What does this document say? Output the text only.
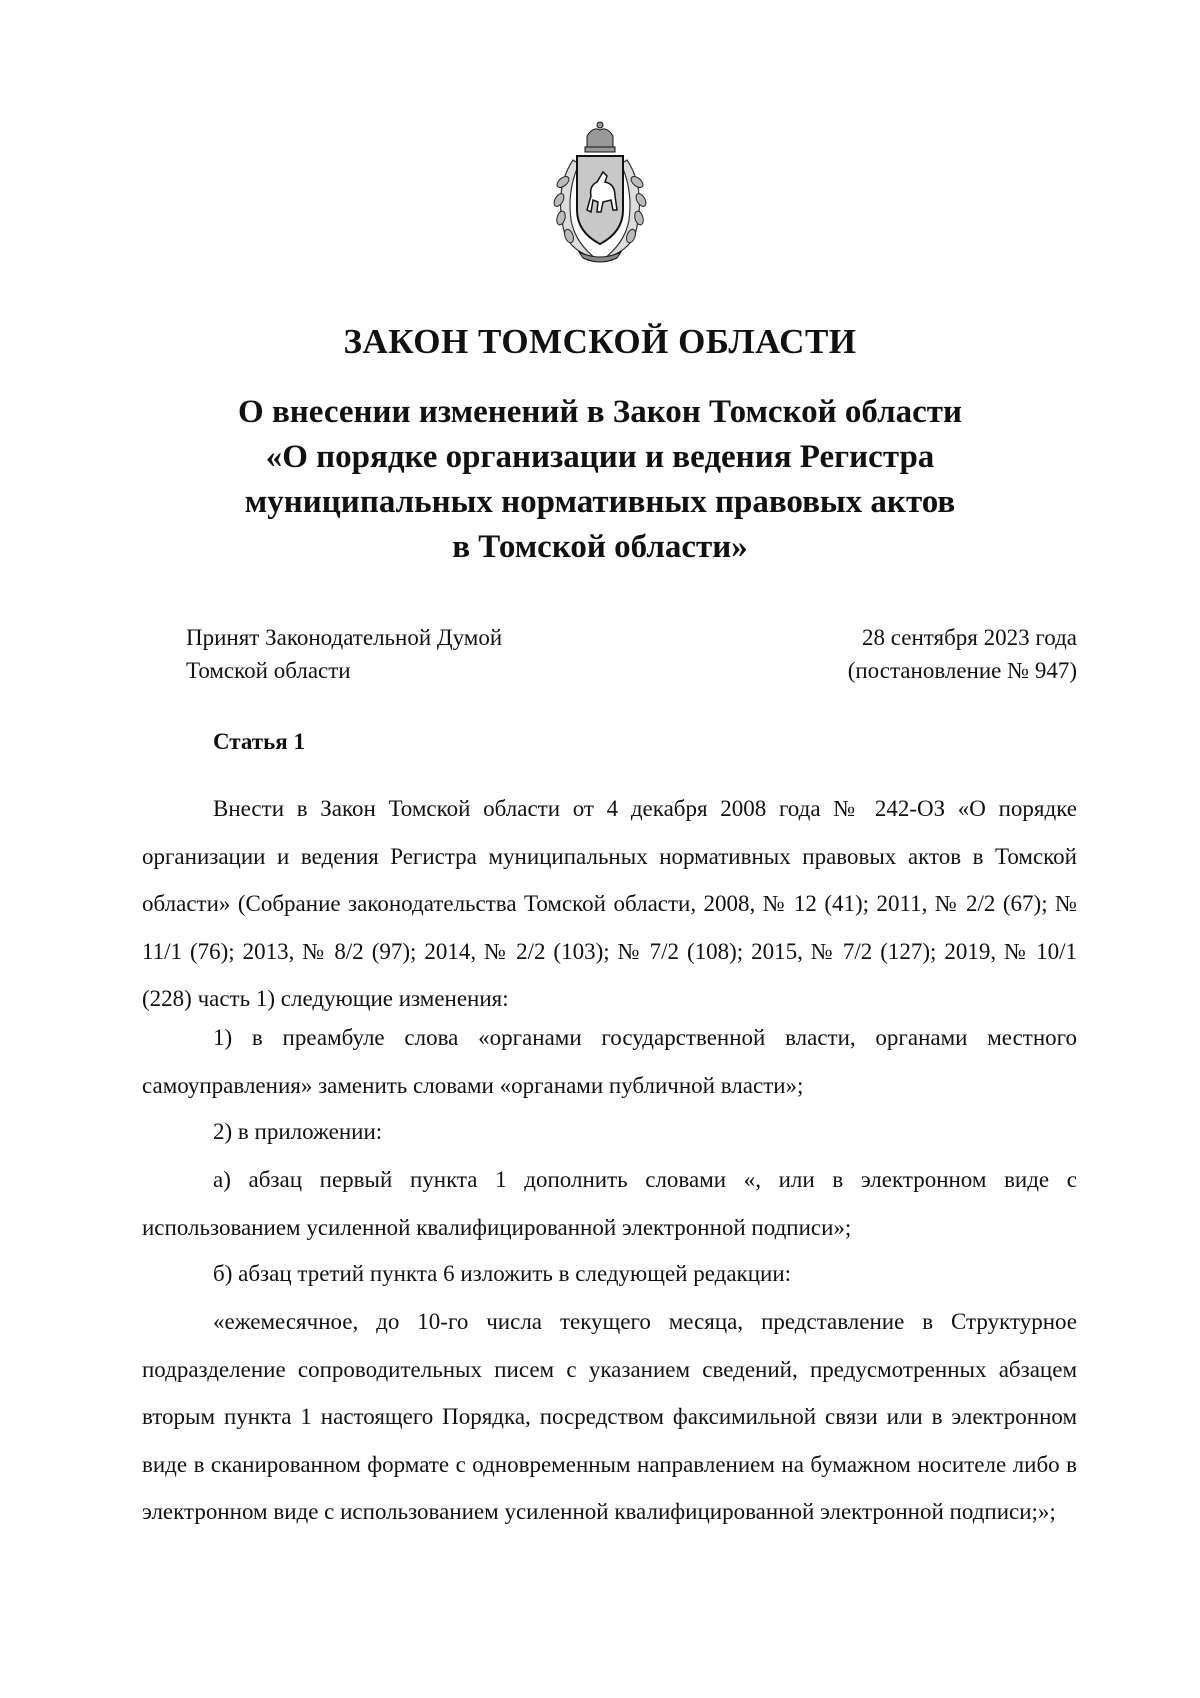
ЗАКОН ТОМСКОЙ ОБЛАСТИ
О внесении изменений в Закон Томской области
«О порядке организации и ведения Регистра
муниципальных нормативных правовых актов
в Томской области»
Принят Законодательной Думой
Томской области
28 сентября 2023 года
(постановление № 947)
Статья 1

Внести в Закон Томской области от 4 декабря 2008 года № 242-ОЗ «О порядке организации и ведения Регистра муниципальных нормативных правовых актов в Томской области» (Собрание законодательства Томской области, 2008, № 12 (41); 2011, № 2/2 (67); № 11/1 (76); 2013, № 8/2 (97); 2014, № 2/2 (103); № 7/2 (108); 2015, № 7/2 (127); 2019, № 10/1 (228) часть 1) следующие изменения:

1) в преамбуле слова «органами государственной власти, органами местного самоуправления» заменить словами «органами публичной власти»;

2) в приложении:

а) абзац первый пункта 1 дополнить словами «, или в электронном виде с использованием усиленной квалифицированной электронной подписи»;

б) абзац третий пункта 6 изложить в следующей редакции:

«ежемесячное, до 10-го числа текущего месяца, представление в Структурное подразделение сопроводительных писем с указанием сведений, предусмотренных абзацем вторым пункта 1 настоящего Порядка, посредством факсимильной связи или в электронном виде в сканированном формате с одновременным направлением на бумажном носителе либо в электронном виде с использованием усиленной квалифицированной электронной подписи;»;
